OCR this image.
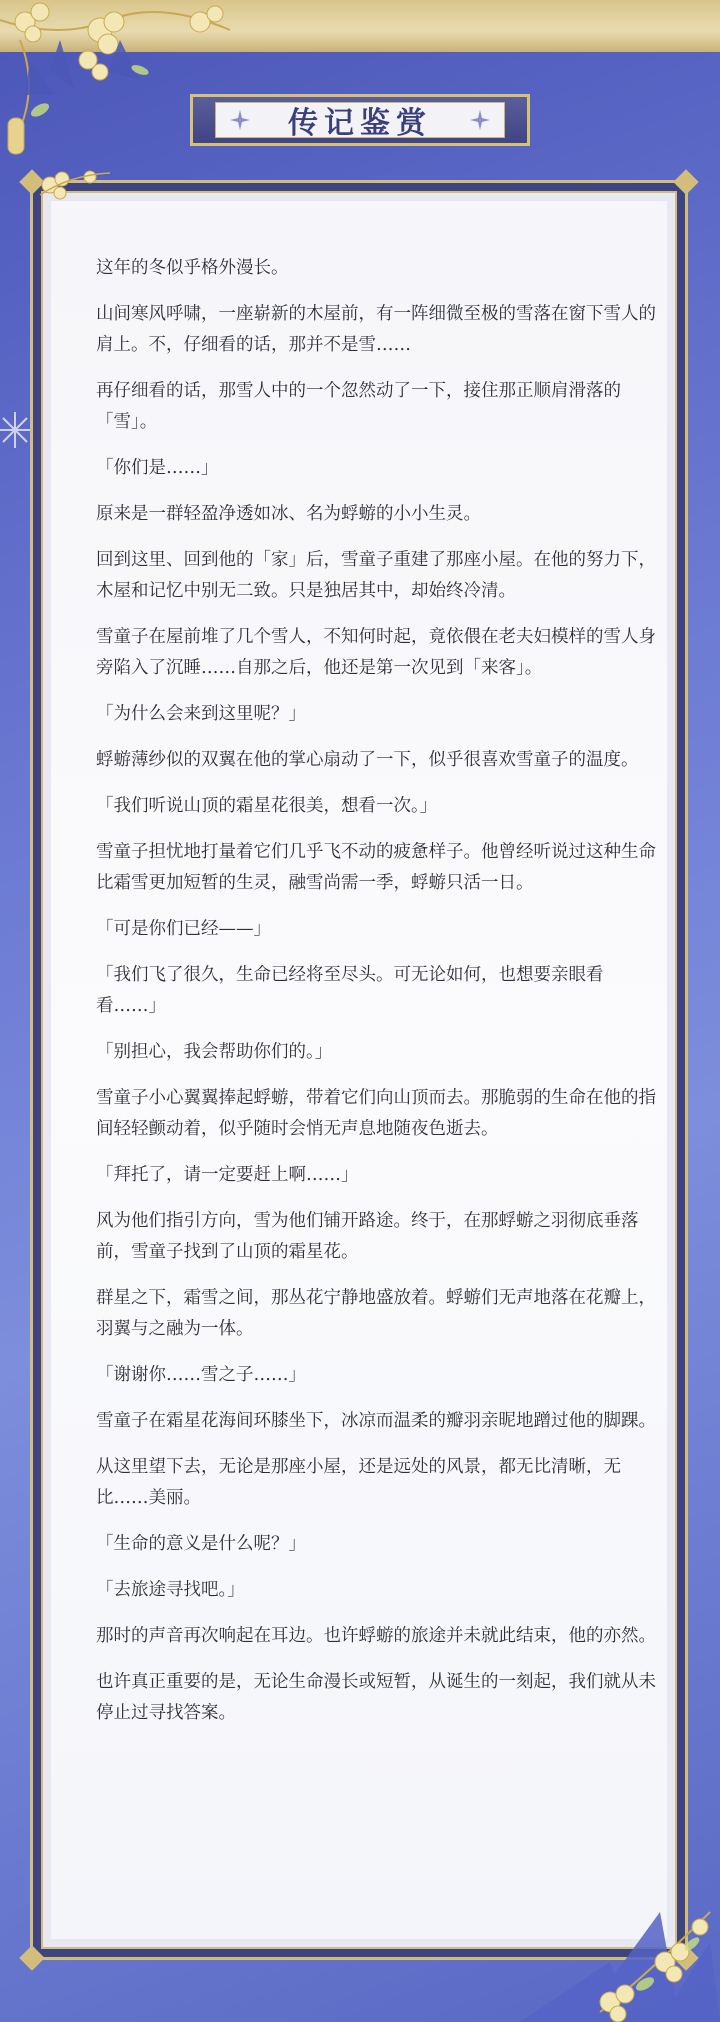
传记鉴赏

这年的冬似乎格外漫长。

山间寒风呼啸，一座崭新的木屋前，有一阵细微至极的雪落在窗下雪人的肩上。不，仔细看的话，那并不是雪……

再仔细看的话，那雪人中的一个忽然动了一下，接住那正顺肩滑落的「雪」。

「你们是……」

原来是一群轻盈净透如冰、名为蜉蝣的小小生灵。

回到这里、回到他的「家」后，雪童子重建了那座小屋。在他的努力下，木屋和记忆中别无二致。只是独居其中，却始终冷清。

雪童子在屋前堆了几个雪人，不知何时起，竟依偎在老夫妇模样的雪人身旁陷入了沉睡……自那之后，他还是第一次见到「来客」。

「为什么会来到这里呢？」

蜉蝣薄纱似的双翼在他的掌心扇动了一下，似乎很喜欢雪童子的温度。

「我们听说山顶的霜星花很美，想看一次。」

雪童子担忧地打量着它们几乎飞不动的疲惫样子。他曾经听说过这种生命比霜雪更加短暂的生灵，融雪尚需一季，蜉蝣只活一日。

「可是你们已经——」

「我们飞了很久，生命已经将至尽头。可无论如何，也想要亲眼看看……」

「别担心，我会帮助你们的。」

雪童子小心翼翼捧起蜉蝣，带着它们向山顶而去。那脆弱的生命在他的指间轻轻颤动着，似乎随时会悄无声息地随夜色逝去。

「拜托了，请一定要赶上啊……」

风为他们指引方向，雪为他们铺开路途。终于，在那蜉蝣之羽彻底垂落前，雪童子找到了山顶的霜星花。

群星之下，霜雪之间，那丛花宁静地盛放着。蜉蝣们无声地落在花瓣上，羽翼与之融为一体。

「谢谢你……雪之子……」

雪童子在霜星花海间环膝坐下，冰凉而温柔的瓣羽亲昵地蹭过他的脚踝。

从这里望下去，无论是那座小屋，还是远处的风景，都无比清晰，无比……美丽。

「生命的意义是什么呢？」

「去旅途寻找吧。」

那时的声音再次响起在耳边。也许蜉蝣的旅途并未就此结束，他的亦然。

也许真正重要的是，无论生命漫长或短暂，从诞生的一刻起，我们就从未停止过寻找答案。
